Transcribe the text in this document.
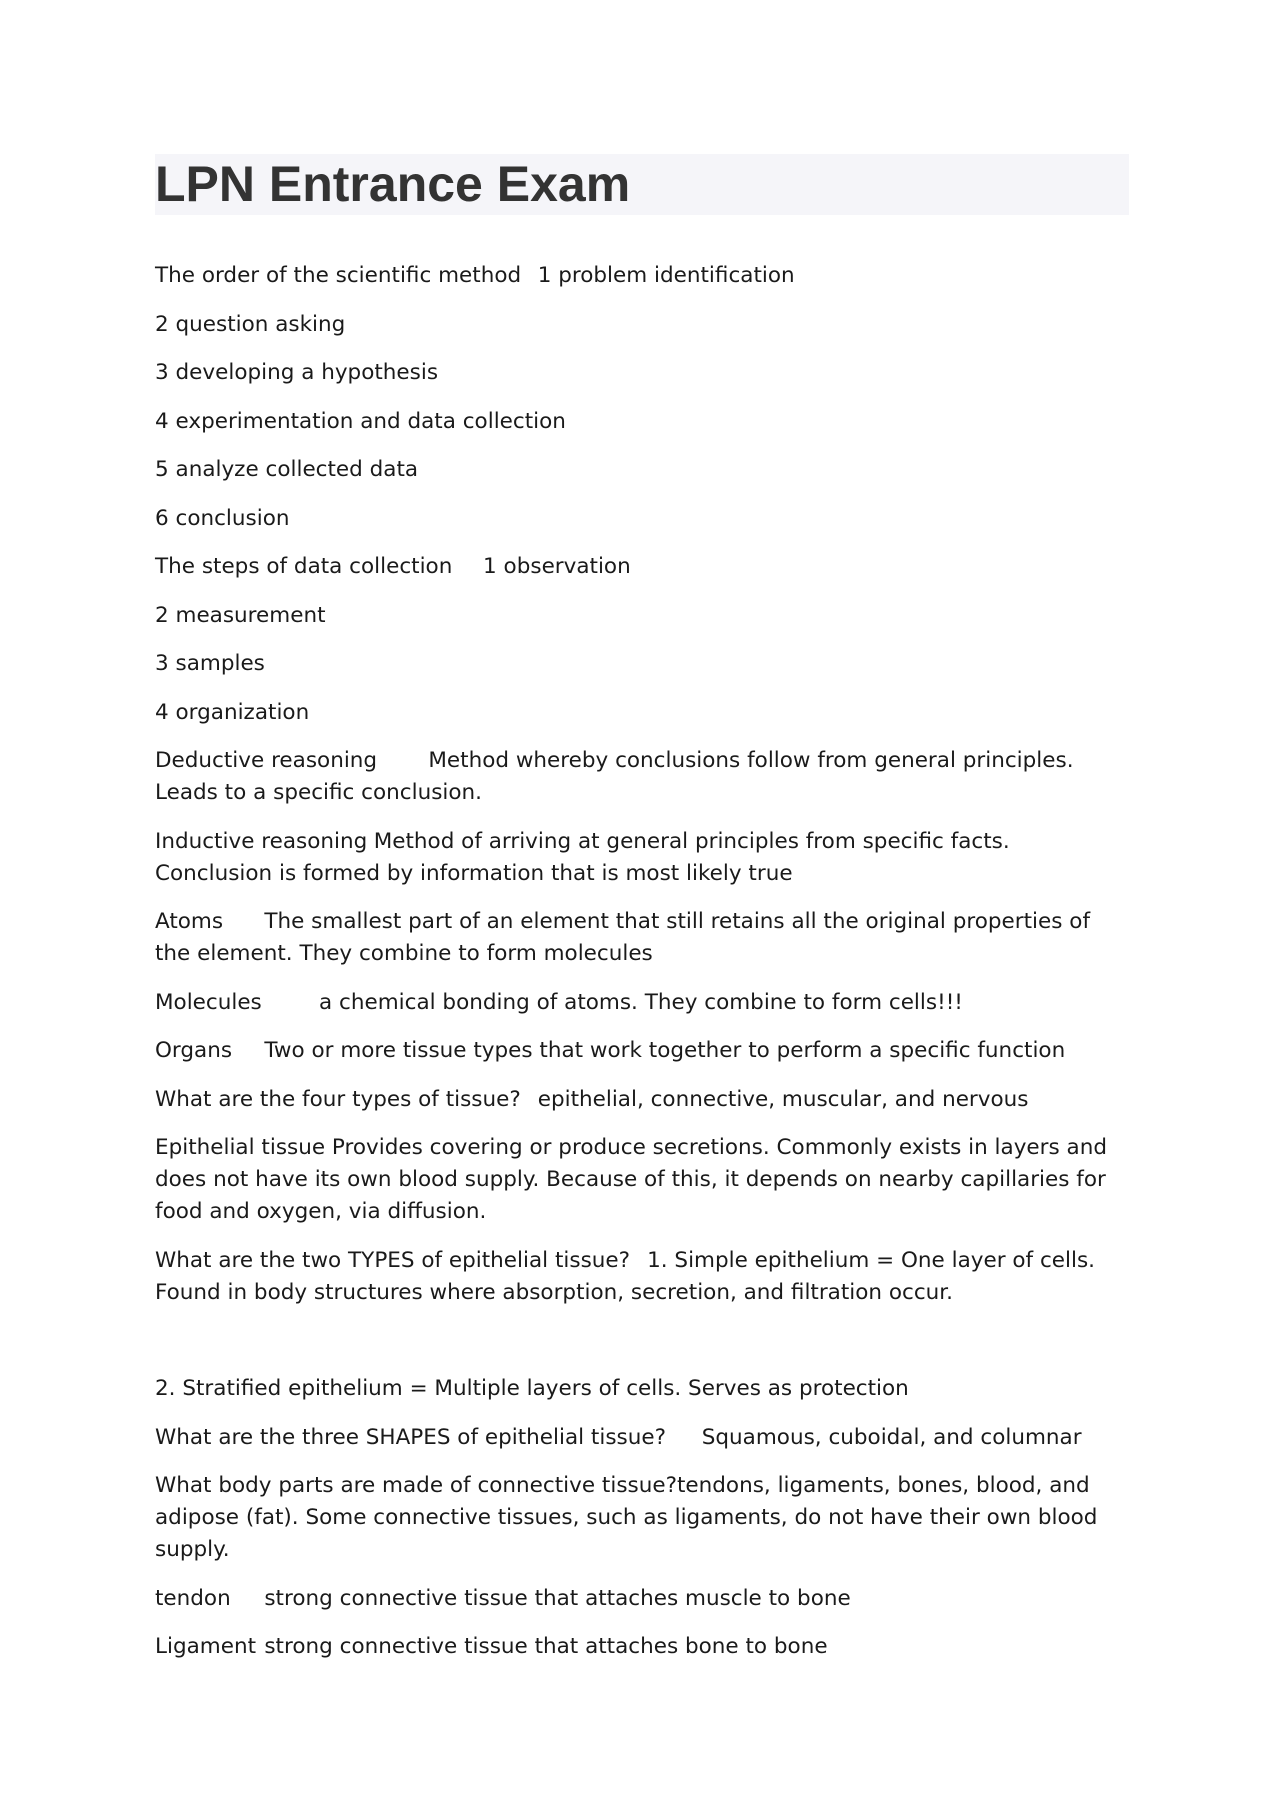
LPN Entrance Exam

The order of the scientific method	1 problem identification

2 question asking

3 developing a hypothesis

4 experimentation and data collection

5 analyze collected data

6 conclusion

The steps of data collection	1 observation

2 measurement

3 samples

4 organization

Deductive reasoning	Method whereby conclusions follow from general principles. Leads to a specific conclusion.

Inductive reasoning	Method of arriving at general principles from specific facts. Conclusion is formed by information that is most likely true

Atoms	The smallest part of an element that still retains all the original properties of the element. They combine to form molecules

Molecules	a chemical bonding of atoms. They combine to form cells!!!

Organs	Two or more tissue types that work together to perform a specific function

What are the four types of tissue?	epithelial, connective, muscular, and nervous

Epithelial tissue Provides covering or produce secretions. Commonly exists in layers and does not have its own blood supply. Because of this, it depends on nearby capillaries for food and oxygen, via diffusion.

What are the two TYPES of epithelial tissue?	1. Simple epithelium = One layer of cells. Found in body structures where absorption, secretion, and filtration occur.

2. Stratified epithelium = Multiple layers of cells. Serves as protection

What are the three SHAPES of epithelial tissue?	Squamous, cuboidal, and columnar

What body parts are made of connective tissue?tendons, ligaments, bones, blood, and adipose (fat). Some connective tissues, such as ligaments, do not have their own blood supply.

tendon	strong connective tissue that attaches muscle to bone

Ligament	strong connective tissue that attaches bone to bone
